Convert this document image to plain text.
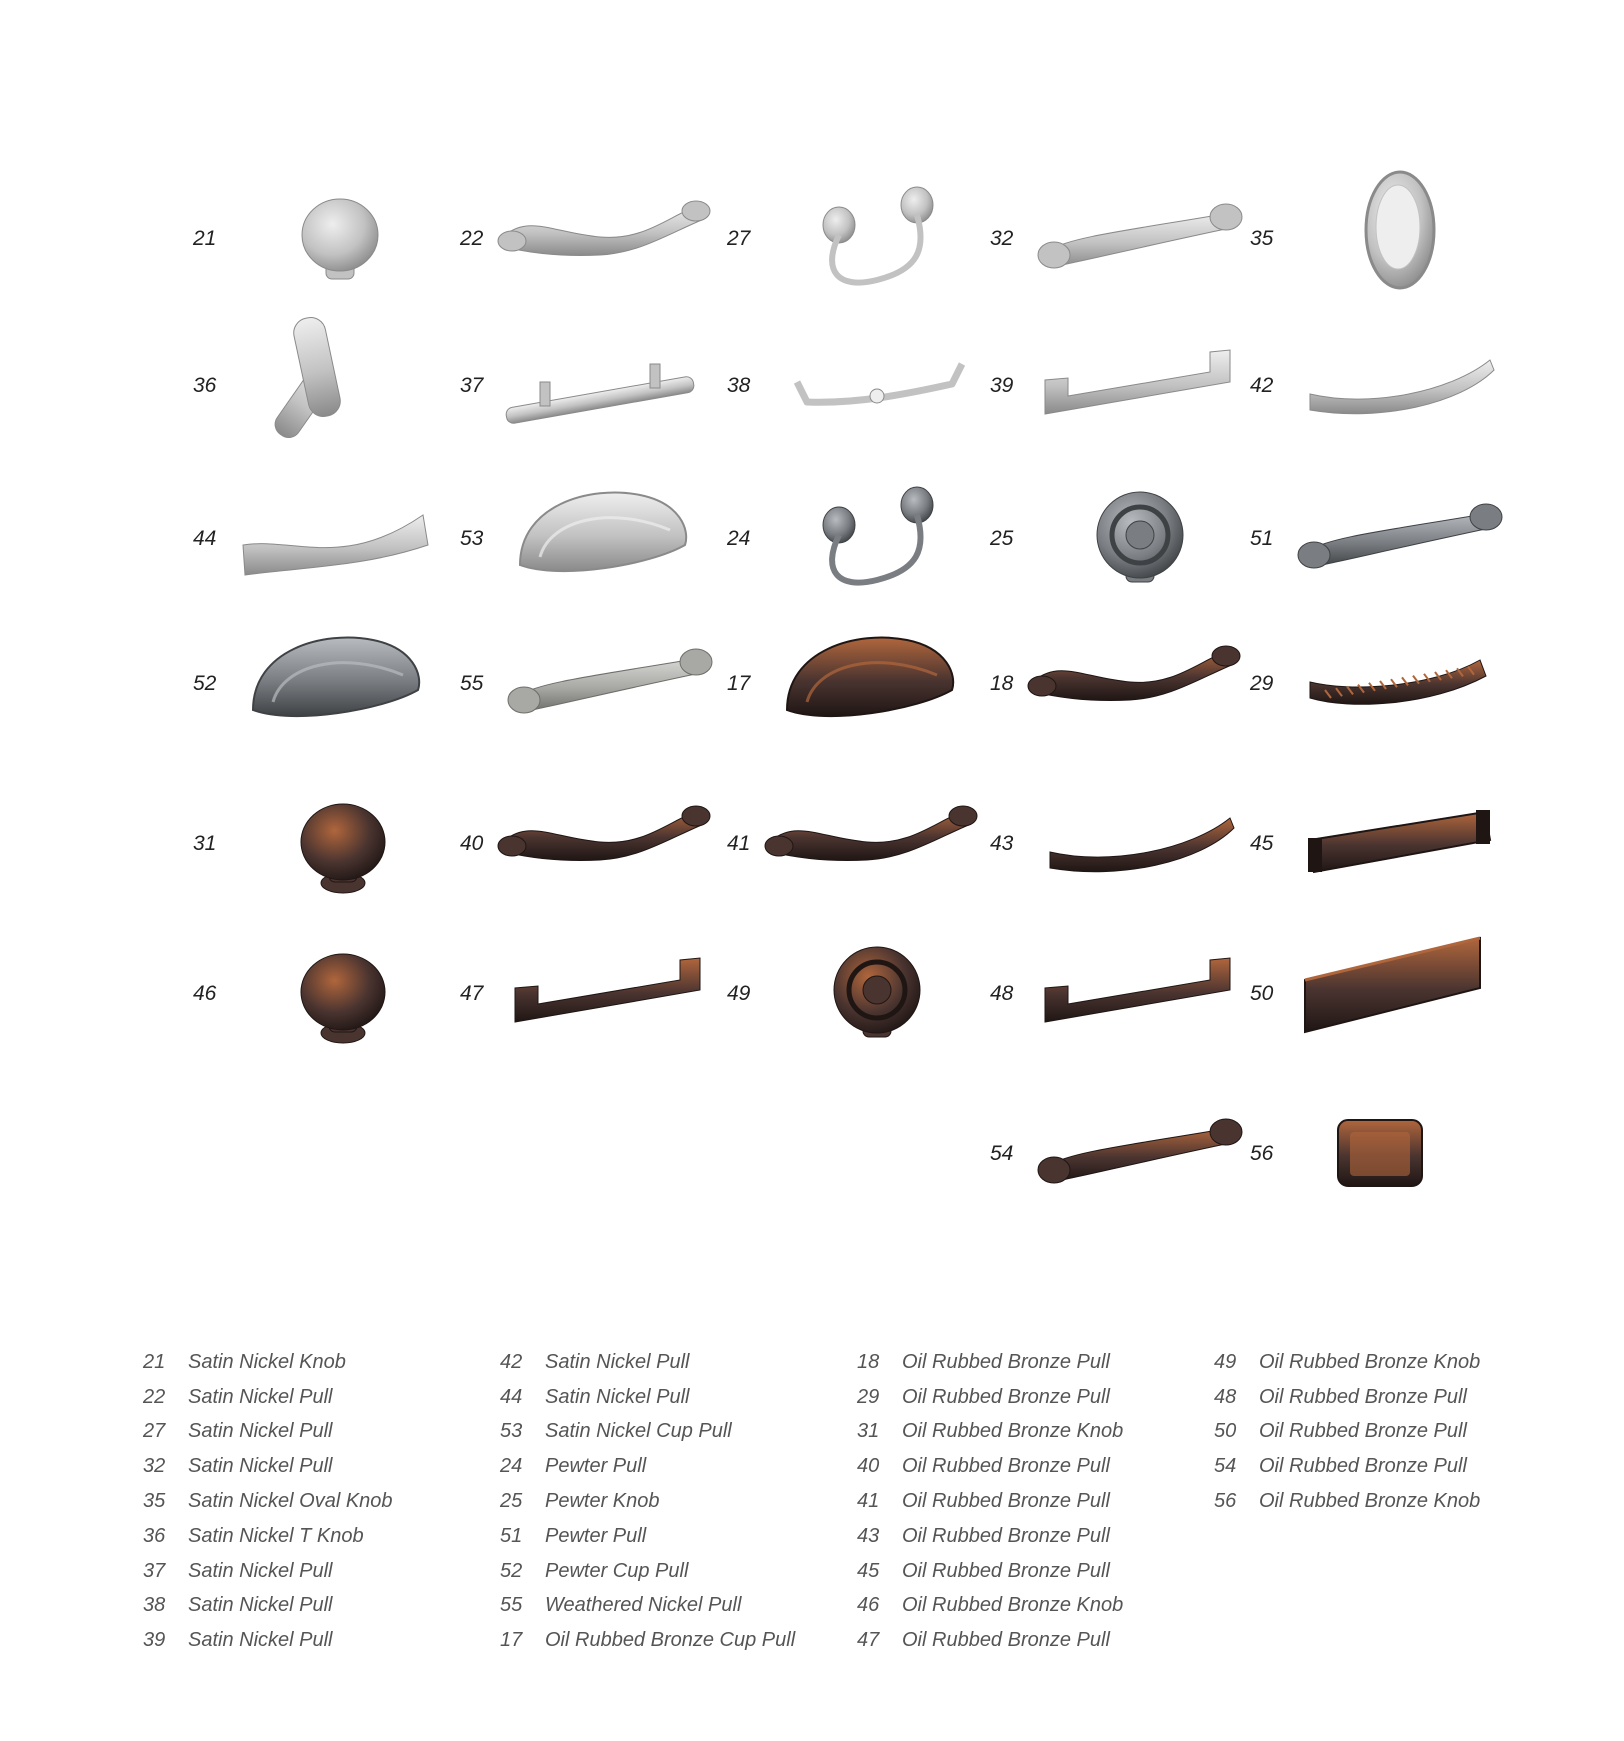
21	22	27	32	35
36	37	38	39	42
44	53	24	25	51
52	55	17	18	29
31	40	41	43	45
46	47	49	48	50
54	56
21	Satin Nickel Knob
22	Satin Nickel Pull
27	Satin Nickel Pull
32	Satin Nickel Pull
35	Satin Nickel Oval Knob
36	Satin Nickel T Knob
37	Satin Nickel Pull
38	Satin Nickel Pull
39	Satin Nickel Pull
42	Satin Nickel Pull
44	Satin Nickel Pull
53	Satin Nickel Cup Pull
24	Pewter Pull
25	Pewter Knob
51	Pewter Pull
52	Pewter Cup Pull
55	Weathered Nickel Pull
17	Oil Rubbed Bronze Cup Pull
18	Oil Rubbed Bronze Pull
29	Oil Rubbed Bronze Pull
31	Oil Rubbed Bronze Knob
40	Oil Rubbed Bronze Pull
41	Oil Rubbed Bronze Pull
43	Oil Rubbed Bronze Pull
45	Oil Rubbed Bronze Pull
46	Oil Rubbed Bronze Knob
47	Oil Rubbed Bronze Pull
49	Oil Rubbed Bronze Knob
48	Oil Rubbed Bronze Pull
50	Oil Rubbed Bronze Pull
54	Oil Rubbed Bronze Pull
56	Oil Rubbed Bronze Knob
